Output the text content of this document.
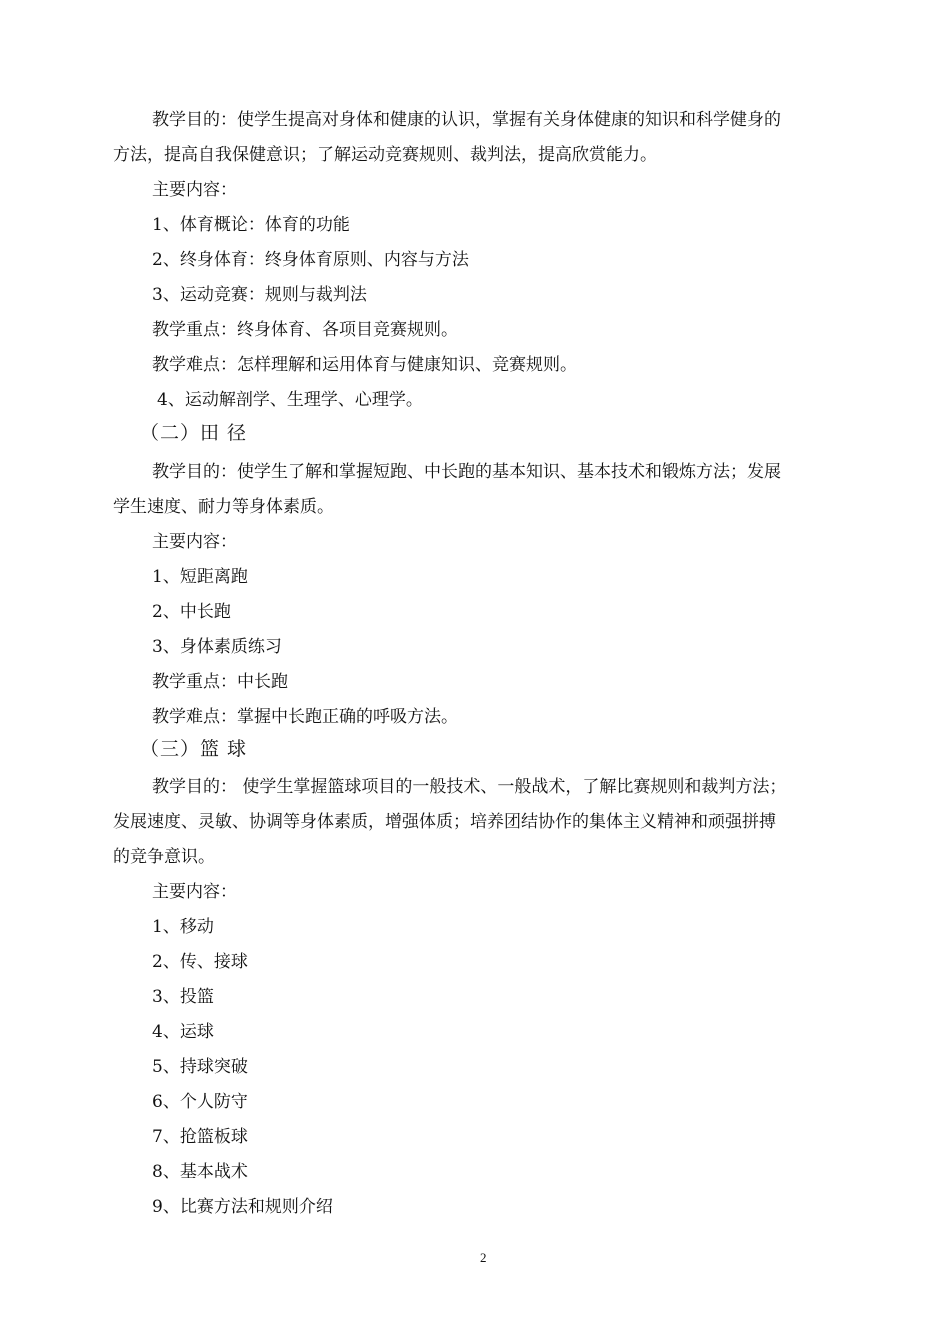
教学目的：使学生提高对身体和健康的认识，掌握有关身体健康的知识和科学健身的
方法，提高自我保健意识；了解运动竞赛规则、裁判法，提高欣赏能力。
主要内容：
1、体育概论：体育的功能
2、终身体育：终身体育原则、内容与方法
3、运动竞赛：规则与裁判法
教学重点：终身体育、各项目竞赛规则。
教学难点：怎样理解和运用体育与健康知识、竞赛规则。
4、运动解剖学、生理学、心理学。
（二）田 径
教学目的：使学生了解和掌握短跑、中长跑的基本知识、基本技术和锻炼方法；发展
学生速度、耐力等身体素质。
主要内容：
1、短距离跑
2、中长跑
3、身体素质练习
教学重点：中长跑
教学难点：掌握中长跑正确的呼吸方法。
（三）篮 球
教学目的： 使学生掌握篮球项目的一般技术、一般战术，了解比赛规则和裁判方法；
发展速度、灵敏、协调等身体素质，增强体质；培养团结协作的集体主义精神和顽强拼搏
的竞争意识。
主要内容：
1、移动
2、传、接球
3、投篮
4、运球
5、持球突破
6、个人防守
7、抢篮板球
8、基本战术
9、比赛方法和规则介绍
2
